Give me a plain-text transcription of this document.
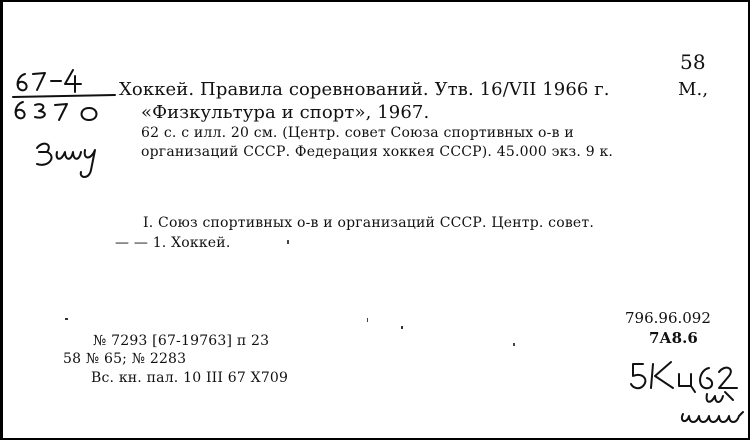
58
Хоккей. Правила соревнований. Утв. 16/VII 1966 г.	М.,
«Физкультура и спорт», 1967.
62 с. с илл. 20 см. (Центр. совет Союза спортивных о-в и
организаций СССР. Федерация хоккея СССР). 45.000 экз. 9 к.
I. Союз спортивных о-в и организаций СССР. Центр. совет.
— — 1. Хоккей.
796.96.092
7А8.6
№ 7293 [67-19763] п 23
58 № 65; № 2283
Вс. кн. пал. 10 III 67 X709
